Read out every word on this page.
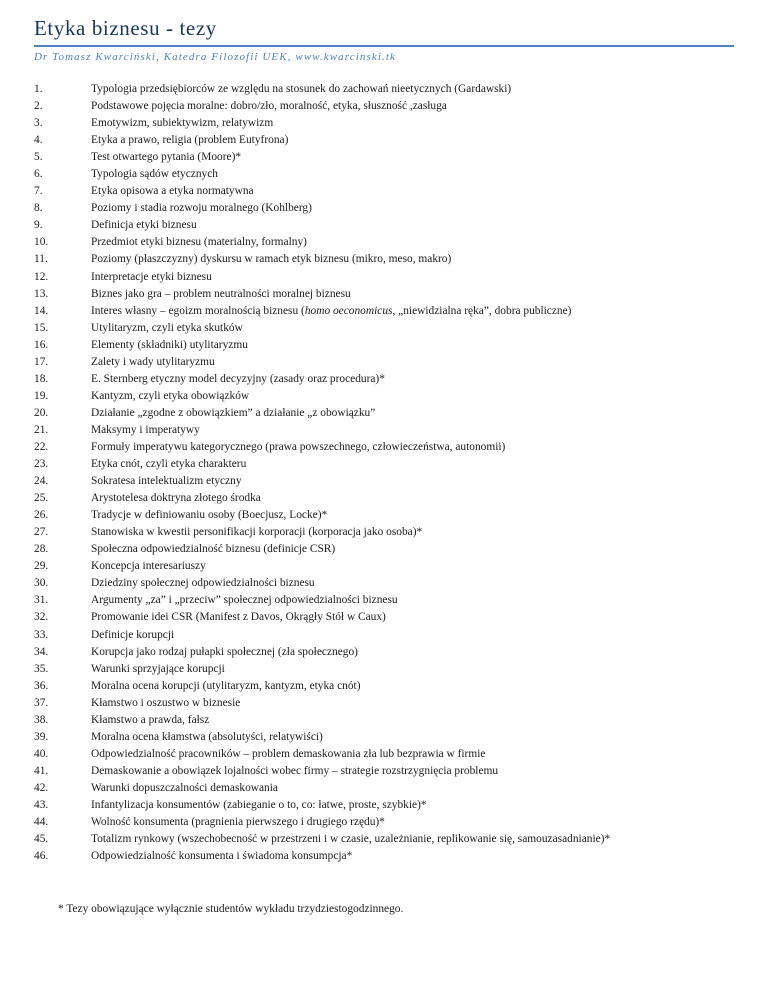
Etyka biznesu - tezy
Dr Tomasz Kwarciński, Katedra Filozofii UEK, www.kwarcinski.tk
1.	Typologia przedsiębiorców ze względu na stosunek do zachowań nieetycznych (Gardawski)
2.	Podstawowe pojęcia moralne: dobro/zło, moralność, etyka, słuszność ,zasługa
3.	Emotywizm, subiektywizm, relatywizm
4.	Etyka a prawo, religia (problem Eutyfrona)
5.	Test otwartego pytania (Moore)*
6.	Typologia sądów etycznych
7.	Etyka opisowa a etyka normatywna
8.	Poziomy i stadia rozwoju moralnego (Kohlberg)
9.	Definicja etyki biznesu
10.	Przedmiot etyki biznesu (materialny, formalny)
11.	Poziomy (płaszczyzny) dyskursu w ramach etyk biznesu (mikro, meso, makro)
12.	Interpretacje etyki biznesu
13.	Biznes jako gra – problem neutralności moralnej biznesu
14.	Interes własny – egoizm moralnością biznesu (homo oeconomicus, „niewidzialna ręka”, dobra publiczne)
15.	Utylitaryzm, czyli etyka skutków
16.	Elementy (składniki) utylitaryzmu
17.	Zalety i wady utylitaryzmu
18.	E. Sternberg etyczny model decyzyjny (zasady oraz procedura)*
19.	Kantyzm, czyli etyka obowiązków
20.	Działanie „zgodne z obowiązkiem” a działanie „z obowiązku”
21.	Maksymy i imperatywy
22.	Formuły imperatywu kategorycznego (prawa powszechnego, człowieczeństwa, autonomii)
23.	Etyka cnót, czyli etyka charakteru
24.	Sokratesa intelektualizm etyczny
25.	Arystotelesa doktryna złotego środka
26.	Tradycje w definiowaniu osoby (Boecjusz, Locke)*
27.	Stanowiska w kwestii personifikacji korporacji (korporacja jako osoba)*
28.	Społeczna odpowiedzialność biznesu (definicje CSR)
29.	Koncepcja interesariuszy
30.	Dziedziny społecznej odpowiedzialności biznesu
31.	Argumenty „za” i „przeciw” społecznej odpowiedzialności biznesu
32.	Promowanie idei CSR (Manifest z Davos, Okrągły Stół w Caux)
33.	Definicje korupcji
34.	Korupcja jako rodzaj pułapki społecznej (zła społecznego)
35.	Warunki sprzyjające korupcji
36.	Moralna ocena korupcji (utylitaryzm, kantyzm, etyka cnót)
37.	Kłamstwo i oszustwo w biznesie
38.	Kłamstwo a prawda, fałsz
39.	Moralna ocena kłamstwa (absolutyści, relatywiści)
40.	Odpowiedzialność pracowników – problem demaskowania zła lub bezprawia w firmie
41.	Demaskowanie a obowiązek lojalności wobec firmy – strategie rozstrzygnięcia problemu
42.	Warunki dopuszczalności demaskowania
43.	Infantylizacja konsumentów (zabieganie o to, co: łatwe, proste, szybkie)*
44.	Wolność konsumenta (pragnienia pierwszego i drugiego rzędu)*
45.	Totalizm rynkowy (wszechobecność w przestrzeni i w czasie, uzależnianie, replikowanie się, samouzasadnianie)*
46.	Odpowiedzialność konsumenta i świadoma konsumpcja*
* Tezy obowiązujące wyłącznie studentów wykładu trzydziestogodzinnego.
